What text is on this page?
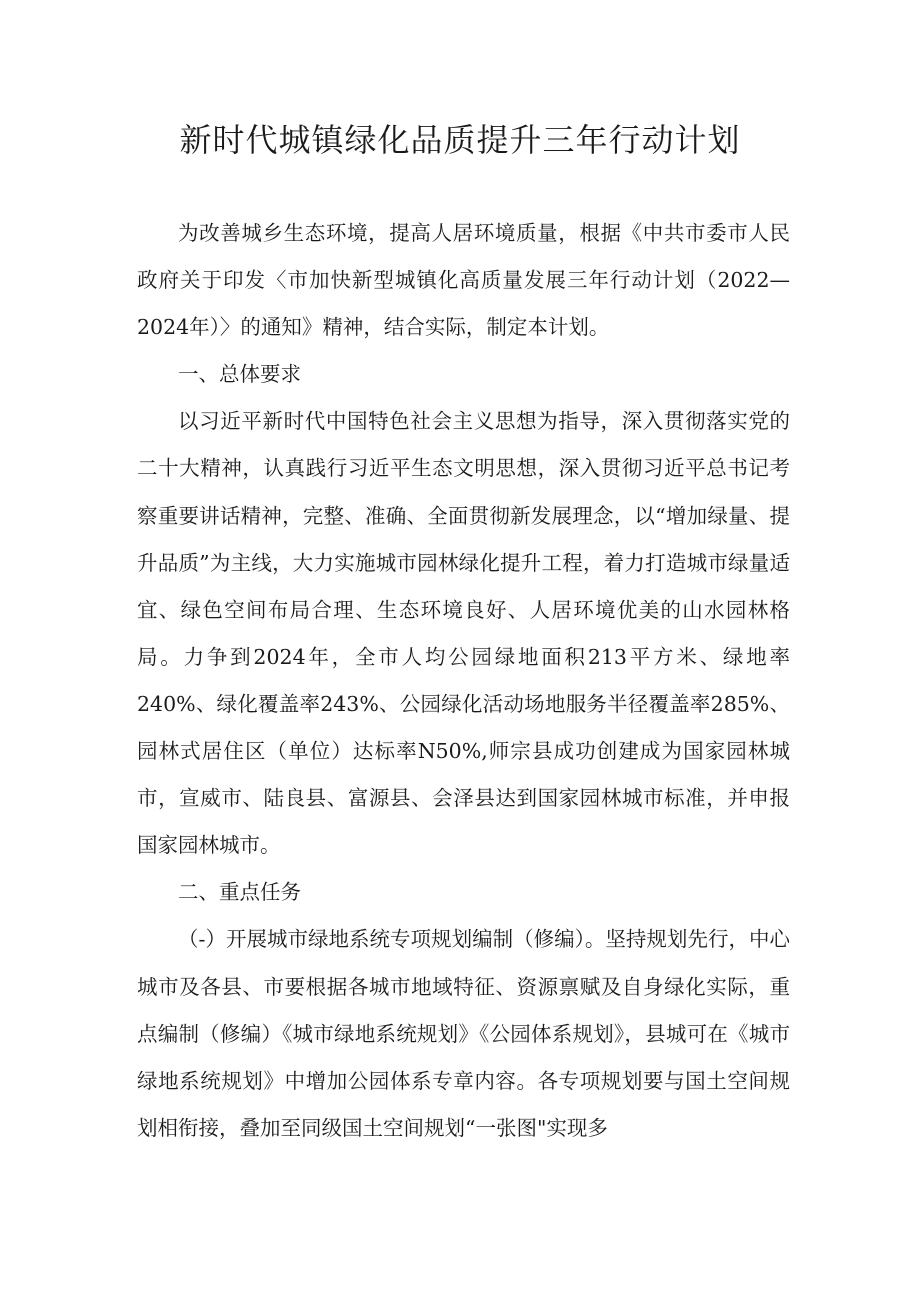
新时代城镇绿化品质提升三年行动计划

为改善城乡生态环境，提高人居环境质量，根据《中共市委市人民政府关于印发〈市加快新型城镇化高质量发展三年行动计划（2022—2024年）〉的通知》精神，结合实际，制定本计划。

一、总体要求

以习近平新时代中国特色社会主义思想为指导，深入贯彻落实党的二十大精神，认真践行习近平生态文明思想，深入贯彻习近平总书记考察重要讲话精神，完整、准确、全面贯彻新发展理念，以“增加绿量、提升品质”为主线，大力实施城市园林绿化提升工程，着力打造城市绿量适宜、绿色空间布局合理、生态环境良好、人居环境优美的山水园林格局。力争到2024年，全市人均公园绿地面积213平方米、绿地率240%、绿化覆盖率243%、公园绿化活动场地服务半径覆盖率285%、园林式居住区（单位）达标率N50%,师宗县成功创建成为国家园林城市，宣威市、陆良县、富源县、会泽县达到国家园林城市标准，并申报国家园林城市。

二、重点任务

（-）开展城市绿地系统专项规划编制（修编）。坚持规划先行，中心城市及各县、市要根据各城市地域特征、资源禀赋及自身绿化实际，重点编制（修编）《城市绿地系统规划》《公园体系规划》，县城可在《城市绿地系统规划》中增加公园体系专章内容。各专项规划要与国土空间规划相衔接，叠加至同级国土空间规划“一张图"实现多
